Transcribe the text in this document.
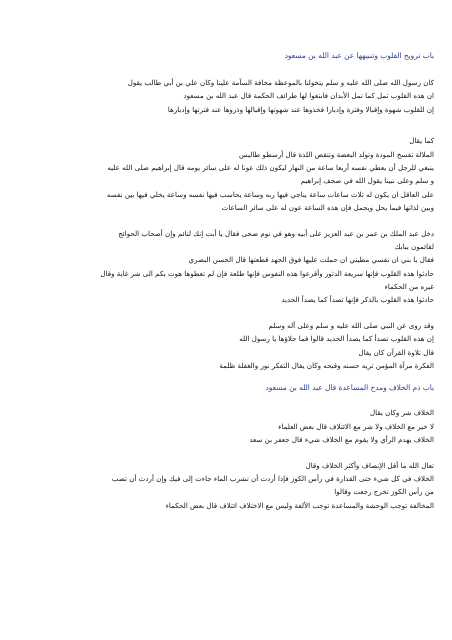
باب ترويح القلوب وتنبيهها عن عبد الله بن مسعود
كان رسول الله صلى الله عليه و سلم يتخولنا بالموعظة مخافة السآمة علينا وكان علي بن أبي طالب يقول
ان هذه القلوب تمل كما تمل الأبدان فابتغوا لها طرائف الحكمة قال عبد الله بن مسعود
إن للقلوب شهوة وإقبالا وفترة وإدبارا فخذوها عند شهوتها وإقبالها وذروها عند فترتها وإدبارها
كما يقال
الملالة تفسخ المودة وتولد البغضة وتنقص اللذة قال أرسطو طاليس
ينبغي للرجل أن يعطي نفسه أربعا ساعة من النهار ليكون ذلك عونا له على سائر يومه قال إبراهيم صلى الله عليه
و سلم وعلى نبينا يقول الله في صحف إبراهيم
على العاقل ان يكون له ثلاث ساعات ساعة يناجي فيها ربه وساعة يحاسب فيها نفسه وساعة يخلي فيها بين نفسه
وبين لذاتها فيما يحل ويجمل فإن هذه الساعة عون له على سائر الساعات
دخل عبد الملك بن عمر بن عبد العزيز على أبيه وهو في نوم ضحى فقال يا أبت إنك لنائم وإن أصحاب الحوائج
لقائمون ببابك
فقال يا بني ان نفسي مطيتي ان حملت عليها فوق الجهد قطعتها قال الحسن البصري
حادثوا هذه القلوب فإنها سريعة الدثور وأقرعوا هذه النفوس فإنها طلعة فإن لم تعطوها هوت بكم الى شر غاية وقال
غيره من الحكماء
حادثوا هذه القلوب بالذكر فإنها تصدأ كما يصدأ الحديد
وقد روى عن النبي صلى الله عليه و سلم وعلى آله وسلم
إن هذه القلوب تصدأ كما يصدأ الحديد قالوا فما جلاؤها يا رسول الله
قال تلاوة القرآن كان يقال
الفكرة مرآة المؤمن تريه حسنه وقبحه وكان يقال التفكر نور والغفلة ظلمة
باب ذم الخلاف ومدح المساعدة قال عبد الله بن مسعود
الخلاف شر وكان يقال
لا خير مع الخلاف ولا شر مع الائتلاف قال بعض العلماء
الخلاف يهدم الرأي ولا يقوم مع الخلاف شيء قال جعفر بن سعد
تعال الله ما أقل الإنصاف وأكثر الخلاف وقال
الخلاف في كل شيء حتى القذارة في رأس الكوز فإذا أردت أن تشرب الماء جاءت إلى فيك وإن أردت أن تصب
من رأس الكوز تخرج رجعت وقالوا
المخالفة توجب الوحشة والمساعدة توجب الألفة وليس مع الاختلاف ائتلاف قال بعض الحكماء
